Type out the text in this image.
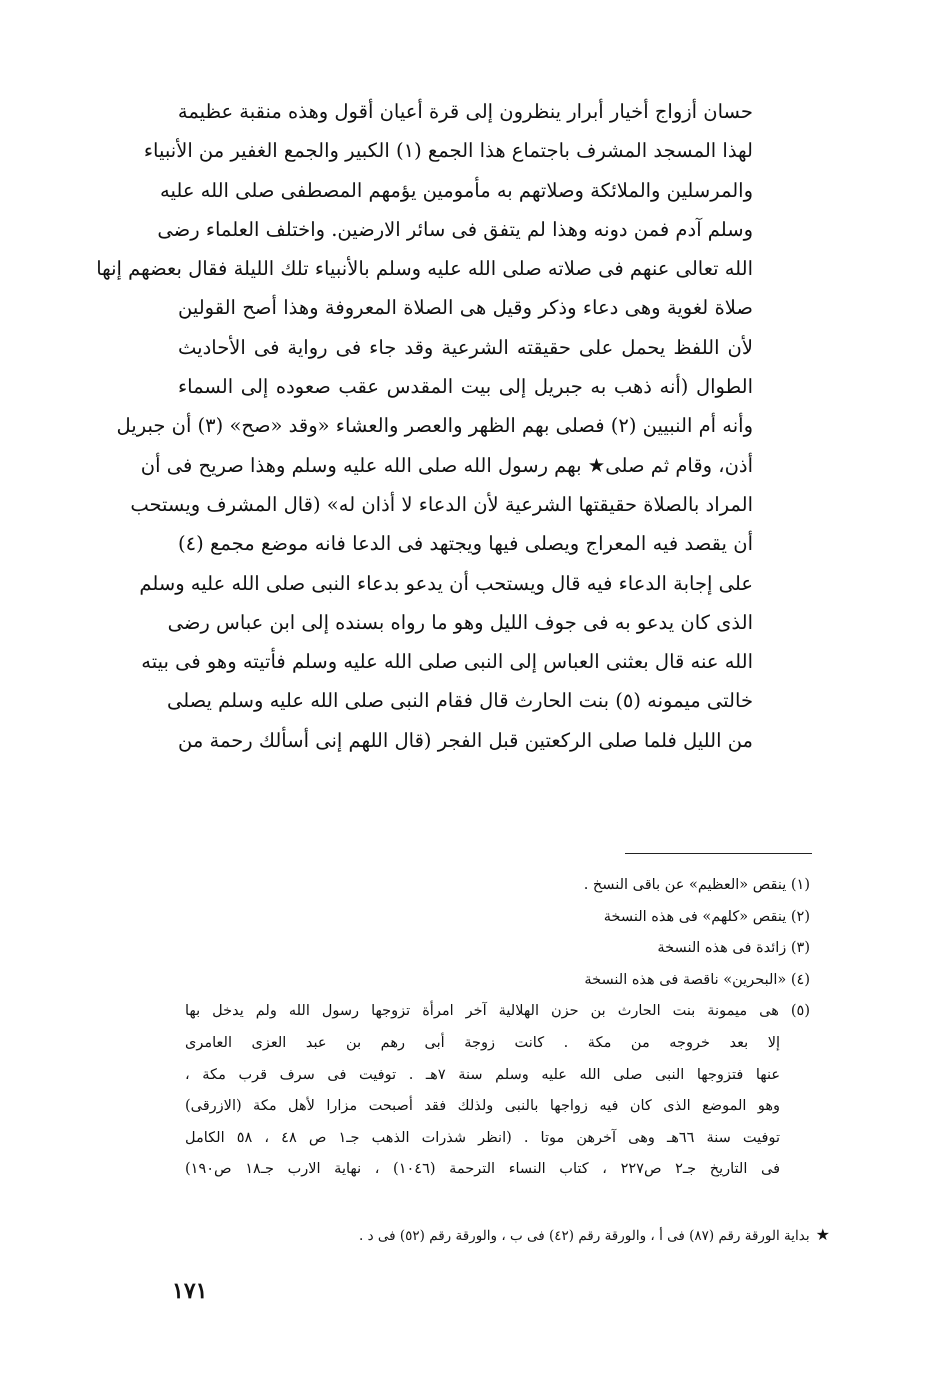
حسان أزواج أخيار أبرار ينظرون إلى قرة أعيان أقول وهذه منقبة عظيمة
لهذا المسجد المشرف باجتماع هذا الجمع (١) الكبير والجمع الغفير من الأنبياء
والمرسلين والملائكة وصلاتهم به مأمومين يؤمهم المصطفى صلى الله عليه
وسلم آدم فمن دونه وهذا لم يتفق فى سائر الارضين. واختلف العلماء رضى
الله تعالى عنهم فى صلاته صلى الله عليه وسلم بالأنبياء تلك الليلة فقال بعضهم إنها
صلاة لغوية وهى دعاء وذكر وقيل هى الصلاة المعروفة وهذا أصح القولين
لأن اللفظ يحمل على حقيقته الشرعية وقد جاء فى رواية فى الأحاديث
الطوال (أنه ذهب به جبريل إلى بيت المقدس عقب صعوده إلى السماء
وأنه أم النبيين (٢) فصلى بهم الظهر والعصر والعشاء «وقد «صح» (٣) أن جبريل
أذن، وقام ثم صلى★ بهم رسول الله صلى الله عليه وسلم وهذا صريح فى أن
المراد بالصلاة حقيقتها الشرعية لأن الدعاء لا أذان له» (قال المشرف ويستحب
أن يقصد فيه المعراج ويصلى فيها ويجتهد فى الدعا فانه موضع مجمع (٤)
على إجابة الدعاء فيه قال ويستحب أن يدعو بدعاء النبى صلى الله عليه وسلم
الذى كان يدعو به فى جوف الليل وهو ما رواه بسنده إلى ابن عباس رضى
الله عنه قال بعثنى العباس إلى النبى صلى الله عليه وسلم فأتيته وهو فى بيته
خالتى ميمونه (٥) بنت الحارث قال فقام النبى صلى الله عليه وسلم يصلى
من الليل فلما صلى الركعتين قبل الفجر (قال اللهم إنى أسألك رحمة من
(١) ينقص «العظيم» عن باقى النسخ .
(٢) ينقص «كلهم» فى هذه النسخة
(٣) زائدة فى هذه النسخة
(٤) «البحرين» ناقصة فى هذه النسخة
(٥) هى ميمونة بنت الحارث بن حزن الهلالية آخر امرأة تزوجها رسول الله ولم يدخل بها
إلا بعد خروجه من مكة . كانت زوجة أبى رهم بن عبد العزى العامرى
عنها فتزوجها النبى صلى الله عليه وسلم سنة ٧هـ . توفيت فى سرف قرب مكة ،
وهو الموضع الذى كان فيه زواجها بالنبى ولذلك فقد أصبحت مزارا لأهل مكة (الازرقى)
توفيت سنة ٦٦هـ وهى آخرهن موتا . (انظر شذرات الذهب جـ١ ص ٤٨ ، ٥٨ الكامل
فى التاريخ جـ٢ ص٢٢٧ ، كتاب النساء الترحمة (١٠٤٦) ، نهاية الارب جـ١٨ ص١٩٠)
★بداية الورقة رقم (٨٧) فى أ ، والورقة رقم (٤٢) فى ب ، والورقة رقم (٥٢) فى د .
١٧١
